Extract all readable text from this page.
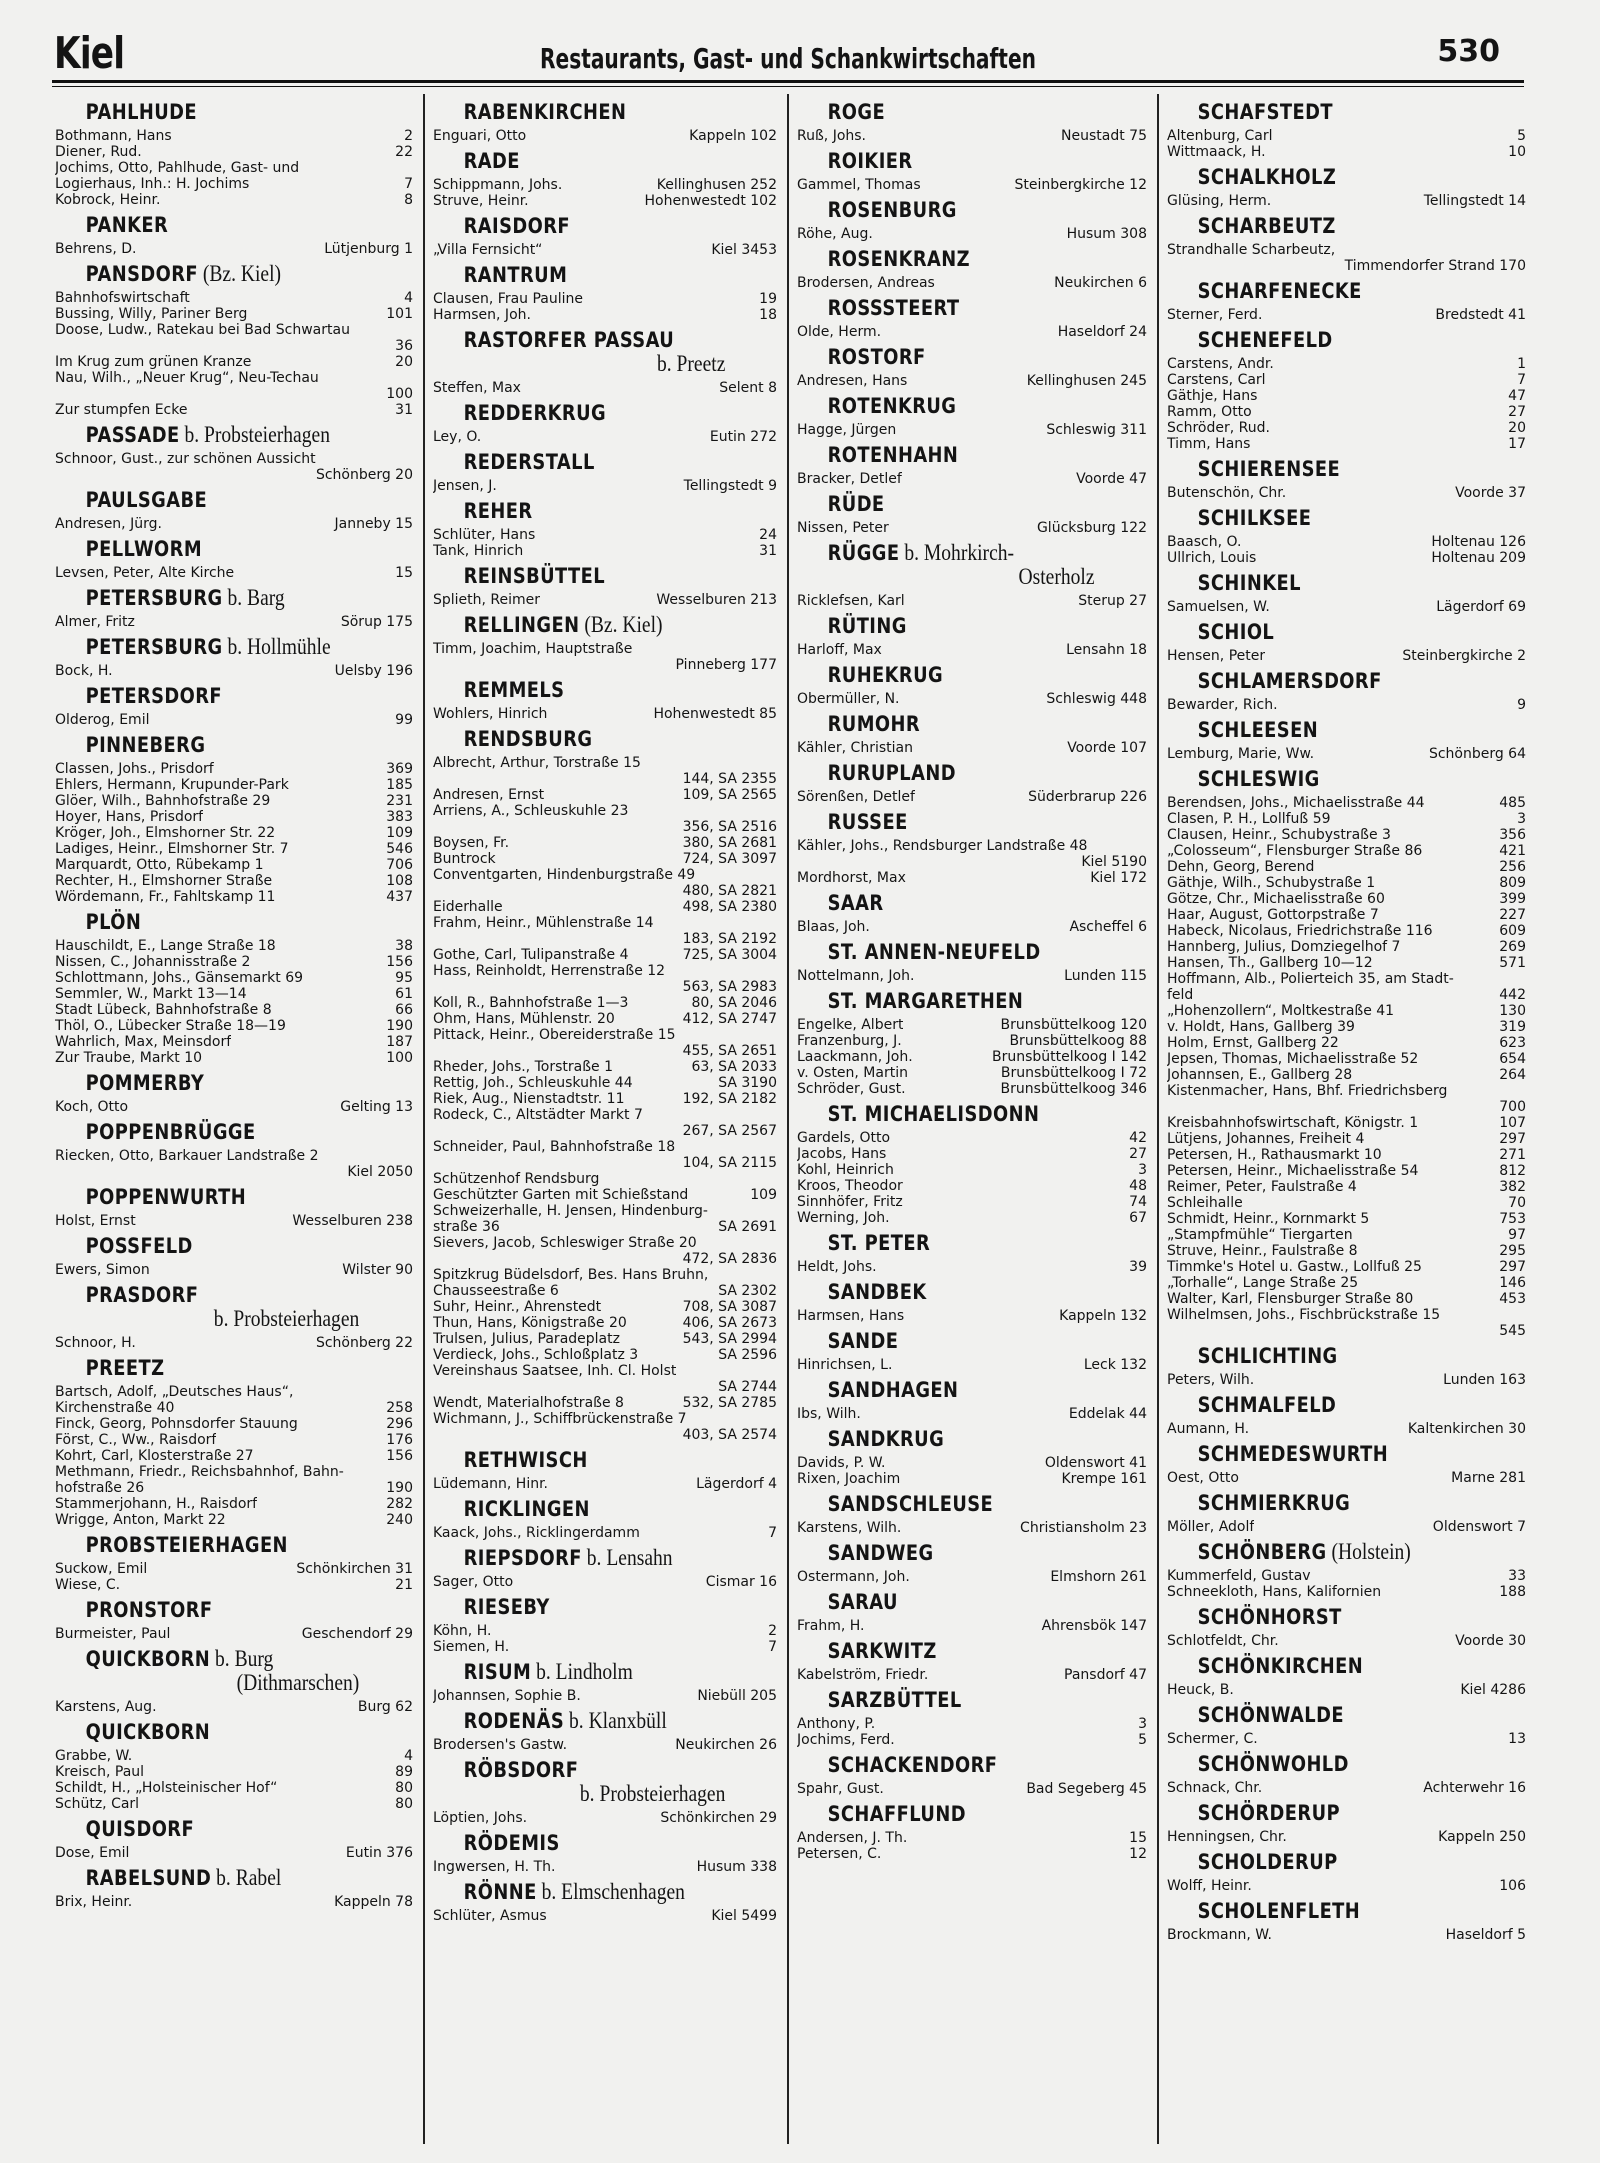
Kiel	Restaurants, Gast- und Schankwirtschaften	530
PAHLHUDE
Bothmann, Hans	2
Diener, Rud.	22
Jochims, Otto, Pahlhude, Gast- und
Logierhaus, Inh.: H. Jochims	7
Kobrock, Heinr.	8
PANKER
Behrens, D.	Lütjenburg 1
PANSDORF (Bz. Kiel)
Bahnhofswirtschaft	4
Bussing, Willy, Pariner Berg	101
Doose, Ludw., Ratekau bei Bad Schwartau
36
Im Krug zum grünen Kranze	20
Nau, Wilh., „Neuer Krug“, Neu-Techau
100
Zur stumpfen Ecke	31
PASSADE b. Probsteierhagen
Schnoor, Gust., zur schönen Aussicht
Schönberg 20
PAULSGABE
Andresen, Jürg.	Janneby 15
PELLWORM
Levsen, Peter, Alte Kirche	15
PETERSBURG b. Barg
Almer, Fritz	Sörup 175
PETERSBURG b. Hollmühle
Bock, H.	Uelsby 196
PETERSDORF
Olderog, Emil	99
PINNEBERG
Classen, Johs., Prisdorf	369
Ehlers, Hermann, Krupunder-Park	185
Glöer, Wilh., Bahnhofstraße 29	231
Hoyer, Hans, Prisdorf	383
Kröger, Joh., Elmshorner Str. 22	109
Ladiges, Heinr., Elmshorner Str. 7	546
Marquardt, Otto, Rübekamp 1	706
Rechter, H., Elmshorner Straße	108
Wördemann, Fr., Fahltskamp 11	437
PLÖN
Hauschildt, E., Lange Straße 18	38
Nissen, C., Johannisstraße 2	156
Schlottmann, Johs., Gänsemarkt 69	95
Semmler, W., Markt 13—14	61
Stadt Lübeck, Bahnhofstraße 8	66
Thöl, O., Lübecker Straße 18—19	190
Wahrlich, Max, Meinsdorf	187
Zur Traube, Markt 10	100
POMMERBY
Koch, Otto	Gelting 13
POPPENBRÜGGE
Riecken, Otto, Barkauer Landstraße 2
Kiel 2050
POPPENWURTH
Holst, Ernst	Wesselburen 238
POSSFELD
Ewers, Simon	Wilster 90
PRASDORF
b. Probsteierhagen
Schnoor, H.	Schönberg 22
PREETZ
Bartsch, Adolf, „Deutsches Haus“,
Kirchenstraße 40	258
Finck, Georg, Pohnsdorfer Stauung	296
Först, C., Ww., Raisdorf	176
Kohrt, Carl, Klosterstraße 27	156
Methmann, Friedr., Reichsbahnhof, Bahn-
hofstraße 26	190
Stammerjohann, H., Raisdorf	282
Wrigge, Anton, Markt 22	240
PROBSTEIERHAGEN
Suckow, Emil	Schönkirchen 31
Wiese, C.	21
PRONSTORF
Burmeister, Paul	Geschendorf 29
QUICKBORN b. Burg
(Dithmarschen)
Karstens, Aug.	Burg 62
QUICKBORN
Grabbe, W.	4
Kreisch, Paul	89
Schildt, H., „Holsteinischer Hof“	80
Schütz, Carl	80
QUISDORF
Dose, Emil	Eutin 376
RABELSUND b. Rabel
Brix, Heinr.	Kappeln 78
RABENKIRCHEN
Enguari, Otto	Kappeln 102
RADE
Schippmann, Johs.	Kellinghusen 252
Struve, Heinr.	Hohenwestedt 102
RAISDORF
„Villa Fernsicht“	Kiel 3453
RANTRUM
Clausen, Frau Pauline	19
Harmsen, Joh.	18
RASTORFER PASSAU
b. Preetz
Steffen, Max	Selent 8
REDDERKRUG
Ley, O.	Eutin 272
REDERSTALL
Jensen, J.	Tellingstedt 9
REHER
Schlüter, Hans	24
Tank, Hinrich	31
REINSBÜTTEL
Splieth, Reimer	Wesselburen 213
RELLINGEN (Bz. Kiel)
Timm, Joachim, Hauptstraße
Pinneberg 177
REMMELS
Wohlers, Hinrich	Hohenwestedt 85
RENDSBURG
Albrecht, Arthur, Torstraße 15
144, SA 2355
Andresen, Ernst	109, SA 2565
Arriens, A., Schleuskuhle 23
356, SA 2516
Boysen, Fr.	380, SA 2681
Buntrock	724, SA 3097
Conventgarten, Hindenburgstraße 49
480, SA 2821
Eiderhalle	498, SA 2380
Frahm, Heinr., Mühlenstraße 14
183, SA 2192
Gothe, Carl, Tulipanstraße 4	725, SA 3004
Hass, Reinholdt, Herrenstraße 12
563, SA 2983
Koll, R., Bahnhofstraße 1—3	80, SA 2046
Ohm, Hans, Mühlenstr. 20	412, SA 2747
Pittack, Heinr., Obereiderstraße 15
455, SA 2651
Rheder, Johs., Torstraße 1	63, SA 2033
Rettig, Joh., Schleuskuhle 44	SA 3190
Riek, Aug., Nienstadtstr. 11	192, SA 2182
Rodeck, C., Altstädter Markt 7
267, SA 2567
Schneider, Paul, Bahnhofstraße 18
104, SA 2115
Schützenhof Rendsburg
Geschützter Garten mit Schießstand	109
Schweizerhalle, H. Jensen, Hindenburg-
straße 36	SA 2691
Sievers, Jacob, Schleswiger Straße 20
472, SA 2836
Spitzkrug Büdelsdorf, Bes. Hans Bruhn,
Chausseestraße 6	SA 2302
Suhr, Heinr., Ahrenstedt	708, SA 3087
Thun, Hans, Königstraße 20	406, SA 2673
Trulsen, Julius, Paradeplatz	543, SA 2994
Verdieck, Johs., Schloßplatz 3	SA 2596
Vereinshaus Saatsee, Inh. Cl. Holst
SA 2744
Wendt, Materialhofstraße 8	532, SA 2785
Wichmann, J., Schiffbrückenstraße 7
403, SA 2574
RETHWISCH
Lüdemann, Hinr.	Lägerdorf 4
RICKLINGEN
Kaack, Johs., Ricklingerdamm	7
RIEPSDORF b. Lensahn
Sager, Otto	Cismar 16
RIESEBY
Köhn, H.	2
Siemen, H.	7
RISUM b. Lindholm
Johannsen, Sophie B.	Niebüll 205
RODENÄS b. Klanxbüll
Brodersen's Gastw.	Neukirchen 26
RÖBSDORF
b. Probsteierhagen
Löptien, Johs.	Schönkirchen 29
RÖDEMIS
Ingwersen, H. Th.	Husum 338
RÖNNE b. Elmschenhagen
Schlüter, Asmus	Kiel 5499
ROGE
Ruß, Johs.	Neustadt 75
ROIKIER
Gammel, Thomas	Steinbergkirche 12
ROSENBURG
Röhe, Aug.	Husum 308
ROSENKRANZ
Brodersen, Andreas	Neukirchen 6
ROSSSTEERT
Olde, Herm.	Haseldorf 24
ROSTORF
Andresen, Hans	Kellinghusen 245
ROTENKRUG
Hagge, Jürgen	Schleswig 311
ROTENHAHN
Bracker, Detlef	Voorde 47
RÜDE
Nissen, Peter	Glücksburg 122
RÜGGE b. Mohrkirch-
Osterholz
Ricklefsen, Karl	Sterup 27
RÜTING
Harloff, Max	Lensahn 18
RUHEKRUG
Obermüller, N.	Schleswig 448
RUMOHR
Kähler, Christian	Voorde 107
RURUPLAND
Sörenßen, Detlef	Süderbrarup 226
RUSSEE
Kähler, Johs., Rendsburger Landstraße 48
Kiel 5190
Mordhorst, Max	Kiel 172
SAAR
Blaas, Joh.	Ascheffel 6
ST. ANNEN-NEUFELD
Nottelmann, Joh.	Lunden 115
ST. MARGARETHEN
Engelke, Albert	Brunsbüttelkoog 120
Franzenburg, J.	Brunsbüttelkoog 88
Laackmann, Joh.	Brunsbüttelkoog I 142
v. Osten, Martin	Brunsbüttelkoog I 72
Schröder, Gust.	Brunsbüttelkoog 346
ST. MICHAELISDONN
Gardels, Otto	42
Jacobs, Hans	27
Kohl, Heinrich	3
Kroos, Theodor	48
Sinnhöfer, Fritz	74
Werning, Joh.	67
ST. PETER
Heldt, Johs.	39
SANDBEK
Harmsen, Hans	Kappeln 132
SANDE
Hinrichsen, L.	Leck 132
SANDHAGEN
Ibs, Wilh.	Eddelak 44
SANDKRUG
Davids, P. W.	Oldenswort 41
Rixen, Joachim	Krempe 161
SANDSCHLEUSE
Karstens, Wilh.	Christiansholm 23
SANDWEG
Ostermann, Joh.	Elmshorn 261
SARAU
Frahm, H.	Ahrensbök 147
SARKWITZ
Kabelström, Friedr.	Pansdorf 47
SARZBÜTTEL
Anthony, P.	3
Jochims, Ferd.	5
SCHACKENDORF
Spahr, Gust.	Bad Segeberg 45
SCHAFFLUND
Andersen, J. Th.	15
Petersen, C.	12
SCHAFSTEDT
Altenburg, Carl	5
Wittmaack, H.	10
SCHALKHOLZ
Glüsing, Herm.	Tellingstedt 14
SCHARBEUTZ
Strandhalle Scharbeutz,
Timmendorfer Strand 170
SCHARFENECKE
Sterner, Ferd.	Bredstedt 41
SCHENEFELD
Carstens, Andr.	1
Carstens, Carl	7
Gäthje, Hans	47
Ramm, Otto	27
Schröder, Rud.	20
Timm, Hans	17
SCHIERENSEE
Butenschön, Chr.	Voorde 37
SCHILKSEE
Baasch, O.	Holtenau 126
Ullrich, Louis	Holtenau 209
SCHINKEL
Samuelsen, W.	Lägerdorf 69
SCHIOL
Hensen, Peter	Steinbergkirche 2
SCHLAMERSDORF
Bewarder, Rich.	9
SCHLEESEN
Lemburg, Marie, Ww.	Schönberg 64
SCHLESWIG
Berendsen, Johs., Michaelisstraße 44	485
Clasen, P. H., Lollfuß 59	3
Clausen, Heinr., Schubystraße 3	356
„Colosseum“, Flensburger Straße 86	421
Dehn, Georg, Berend	256
Gäthje, Wilh., Schubystraße 1	809
Götze, Chr., Michaelisstraße 60	399
Haar, August, Gottorpstraße 7	227
Habeck, Nicolaus, Friedrichstraße 116	609
Hannberg, Julius, Domziegelhof 7	269
Hansen, Th., Gallberg 10—12	571
Hoffmann, Alb., Polierteich 35, am Stadt-
feld	442
„Hohenzollern“, Moltkestraße 41	130
v. Holdt, Hans, Gallberg 39	319
Holm, Ernst, Gallberg 22	623
Jepsen, Thomas, Michaelisstraße 52	654
Johannsen, E., Gallberg 28	264
Kistenmacher, Hans, Bhf. Friedrichsberg
700
Kreisbahnhofswirtschaft, Königstr. 1	107
Lütjens, Johannes, Freiheit 4	297
Petersen, H., Rathausmarkt 10	271
Petersen, Heinr., Michaelisstraße 54	812
Reimer, Peter, Faulstraße 4	382
Schleihalle	70
Schmidt, Heinr., Kornmarkt 5	753
„Stampfmühle“ Tiergarten	97
Struve, Heinr., Faulstraße 8	295
Timmke's Hotel u. Gastw., Lollfuß 25	297
„Torhalle“, Lange Straße 25	146
Walter, Karl, Flensburger Straße 80	453
Wilhelmsen, Johs., Fischbrückstraße 15
545
SCHLICHTING
Peters, Wilh.	Lunden 163
SCHMALFELD
Aumann, H.	Kaltenkirchen 30
SCHMEDESWURTH
Oest, Otto	Marne 281
SCHMIERKRUG
Möller, Adolf	Oldenswort 7
SCHÖNBERG (Holstein)
Kummerfeld, Gustav	33
Schneekloth, Hans, Kalifornien	188
SCHÖNHORST
Schlotfeldt, Chr.	Voorde 30
SCHÖNKIRCHEN
Heuck, B.	Kiel 4286
SCHÖNWALDE
Schermer, C.	13
SCHÖNWOHLD
Schnack, Chr.	Achterwehr 16
SCHÖRDERUP
Henningsen, Chr.	Kappeln 250
SCHOLDERUP
Wolff, Heinr.	106
SCHOLENFLETH
Brockmann, W.	Haseldorf 5
